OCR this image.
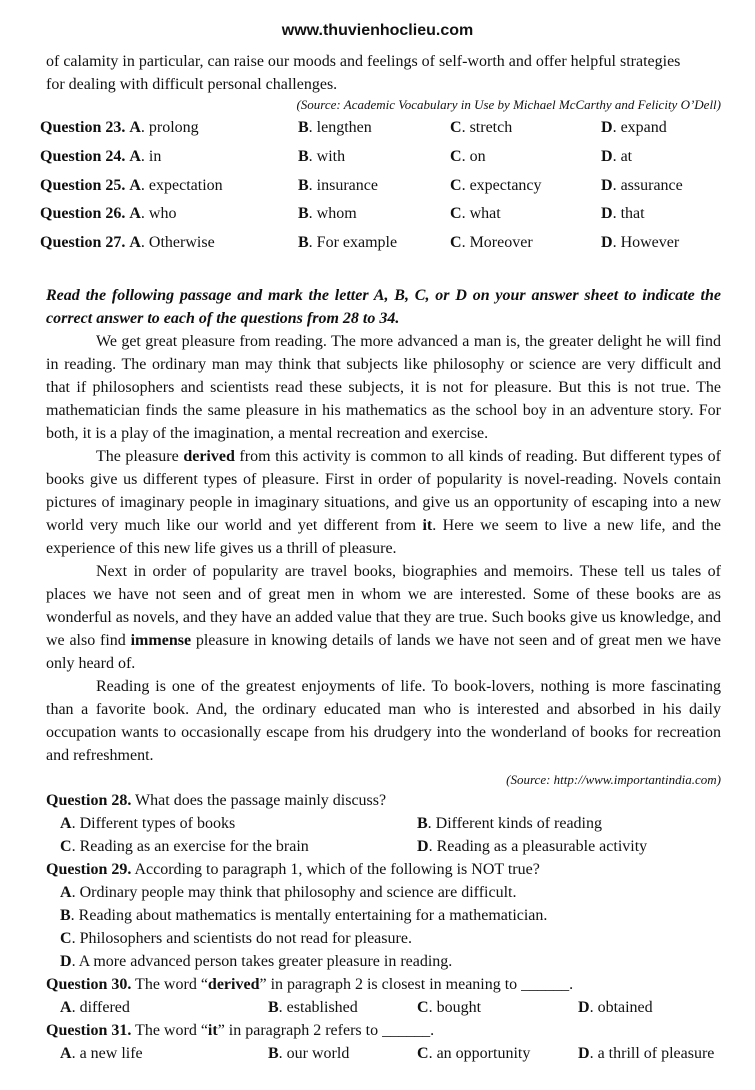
www.thuvienhoclieu.com

of calamity in particular, can raise our moods and feelings of self-worth and offer helpful strategies

for dealing with difficult personal challenges.

(Source: Academic Vocabulary in Use by Michael McCarthy and Felicity O’Dell)
Question 23. A. prolong	B. lengthen	C. stretch	D. expand
Question 24. A. in	B. with	C. on	D. at
Question 25. A. expectation	B. insurance	C. expectancy	D. assurance
Question 26. A. who	B. whom	C. what	D. that
Question 27. A. Otherwise	B. For example	C. Moreover	D. However
Read the following passage and mark the letter A, B, C, or D on your answer sheet to indicate the correct answer to each of the questions from 28 to 34.

We get great pleasure from reading. The more advanced a man is, the greater delight he will find in reading. The ordinary man may think that subjects like philosophy or science are very difficult and that if philosophers and scientists read these subjects, it is not for pleasure. But this is not true. The mathematician finds the same pleasure in his mathematics as the school boy in an adventure story. For both, it is a play of the imagination, a mental recreation and exercise.

The pleasure derived from this activity is common to all kinds of reading. But different types of books give us different types of pleasure. First in order of popularity is novel-reading. Novels contain pictures of imaginary people in imaginary situations, and give us an opportunity of escaping into a new world very much like our world and yet different from it. Here we seem to live a new life, and the experience of this new life gives us a thrill of pleasure.

Next in order of popularity are travel books, biographies and memoirs. These tell us tales of places we have not seen and of great men in whom we are interested. Some of these books are as wonderful as novels, and they have an added value that they are true. Such books give us knowledge, and we also find immense pleasure in knowing details of lands we have not seen and of great men we have only heard of.

Reading is one of the greatest enjoyments of life. To book-lovers, nothing is more fascinating than a favorite book. And, the ordinary educated man who is interested and absorbed in his daily occupation wants to occasionally escape from his drudgery into the wonderland of books for recreation and refreshment.

(Source: http://www.importantindia.com)
Question 28. What does the passage mainly discuss?
A. Different types of books	B. Different kinds of reading
C. Reading as an exercise for the brain	D. Reading as a pleasurable activity
Question 29. According to paragraph 1, which of the following is NOT true?
A. Ordinary people may think that philosophy and science are difficult.
B. Reading about mathematics is mentally entertaining for a mathematician.
C. Philosophers and scientists do not read for pleasure.
D. A more advanced person takes greater pleasure in reading.
Question 30. The word “derived” in paragraph 2 is closest in meaning to ______.
A. differed	B. established	C. bought	D. obtained
Question 31. The word “it” in paragraph 2 refers to ______.
A. a new life	B. our world	C. an opportunity	D. a thrill of pleasure
